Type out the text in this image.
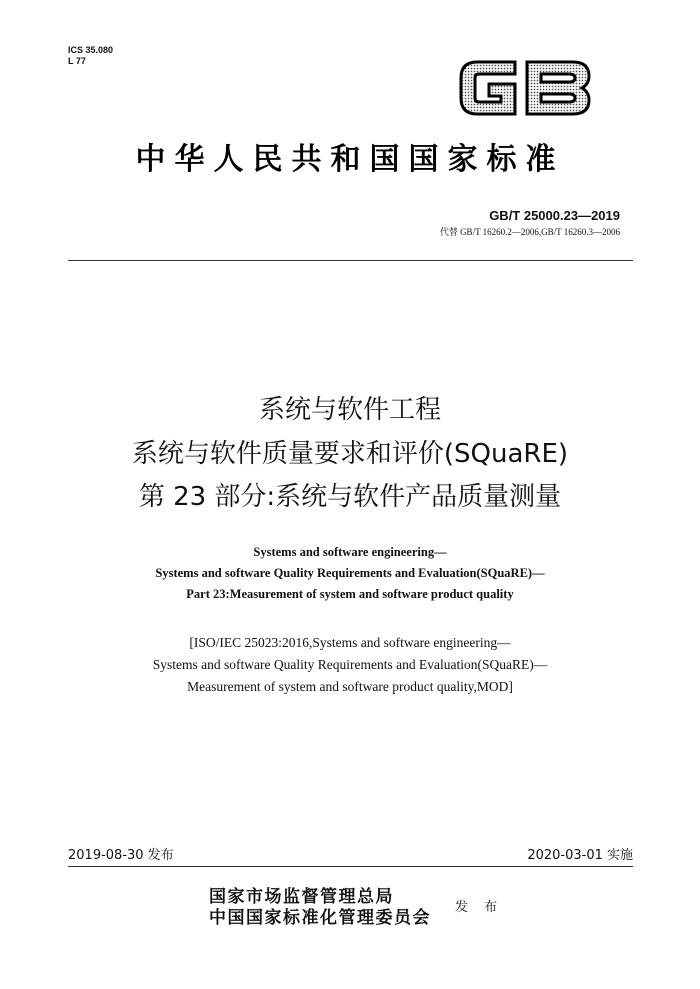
ICS 35.080
L 77
中华人民共和国国家标准
GB/T 25000.23—2019
代替 GB/T 16260.2—2006,GB/T 16260.3—2006
系统与软件工程
系统与软件质量要求和评价(SQuaRE)
第 23 部分:系统与软件产品质量测量
Systems and software engineering—
Systems and software Quality Requirements and Evaluation(SQuaRE)—
Part 23:Measurement of system and software product quality
[ISO/IEC 25023:2016,Systems and software engineering—
Systems and software Quality Requirements and Evaluation(SQuaRE)—
Measurement of system and software product quality,MOD]
2019-08-30 发布	2020-03-01 实施
国家市场监督管理总局
中国国家标准化管理委员会
发 布
